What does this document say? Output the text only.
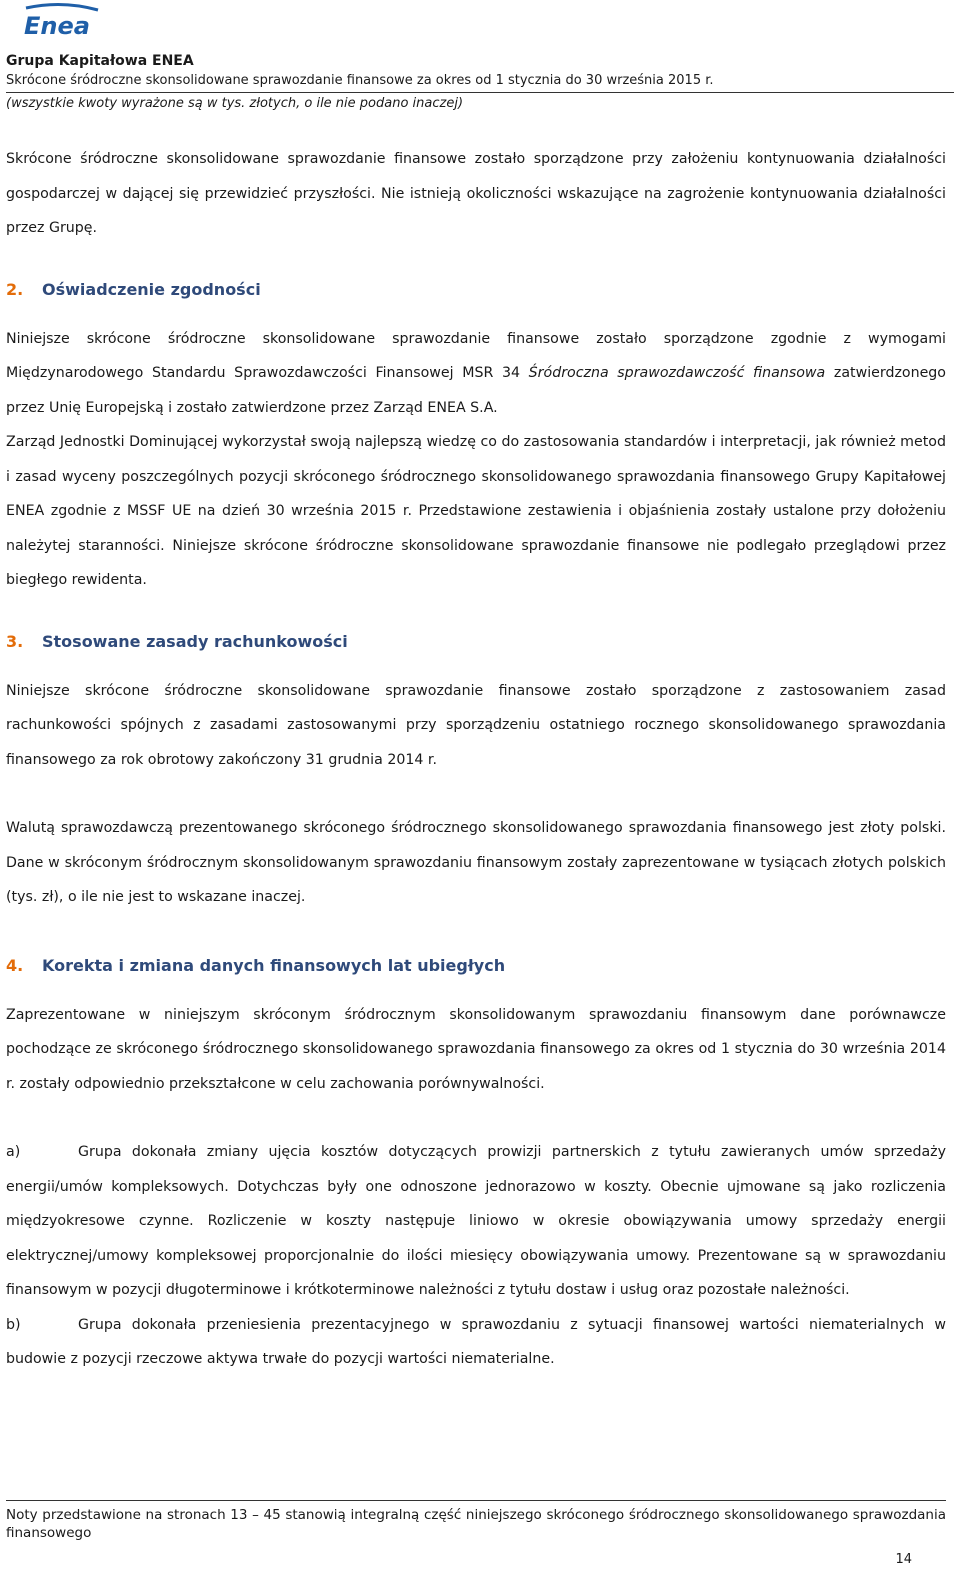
Enea
Grupa Kapitałowa ENEA
Skrócone śródroczne skonsolidowane sprawozdanie finansowe za okres od 1 stycznia do 30 września 2015 r.
(wszystkie kwoty wyrażone są w tys. złotych, o ile nie podano inaczej)

Skrócone śródroczne skonsolidowane sprawozdanie finansowe zostało sporządzone przy założeniu kontynuowania działalności gospodarczej w dającej się przewidzieć przyszłości. Nie istnieją okoliczności wskazujące na zagrożenie kontynuowania działalności przez Grupę.

2. Oświadczenie zgodności

Niniejsze skrócone śródroczne skonsolidowane sprawozdanie finansowe zostało sporządzone zgodnie z wymogami Międzynarodowego Standardu Sprawozdawczości Finansowej MSR 34 Śródroczna sprawozdawczość finansowa zatwierdzonego przez Unię Europejską i zostało zatwierdzone przez Zarząd ENEA S.A.

Zarząd Jednostki Dominującej wykorzystał swoją najlepszą wiedzę co do zastosowania standardów i interpretacji, jak również metod i zasad wyceny poszczególnych pozycji skróconego śródrocznego skonsolidowanego sprawozdania finansowego Grupy Kapitałowej ENEA zgodnie z MSSF UE na dzień 30 września 2015 r. Przedstawione zestawienia i objaśnienia zostały ustalone przy dołożeniu należytej staranności. Niniejsze skrócone śródroczne skonsolidowane sprawozdanie finansowe nie podlegało przeglądowi przez biegłego rewidenta.

3. Stosowane zasady rachunkowości

Niniejsze skrócone śródroczne skonsolidowane sprawozdanie finansowe zostało sporządzone z zastosowaniem zasad rachunkowości spójnych z zasadami zastosowanymi przy sporządzeniu ostatniego rocznego skonsolidowanego sprawozdania finansowego za rok obrotowy zakończony 31 grudnia 2014 r.

Walutą sprawozdawczą prezentowanego skróconego śródrocznego skonsolidowanego sprawozdania finansowego jest złoty polski. Dane w skróconym śródrocznym skonsolidowanym sprawozdaniu finansowym zostały zaprezentowane w tysiącach złotych polskich (tys. zł), o ile nie jest to wskazane inaczej.

4. Korekta i zmiana danych finansowych lat ubiegłych

Zaprezentowane w niniejszym skróconym śródrocznym skonsolidowanym sprawozdaniu finansowym dane porównawcze pochodzące ze skróconego śródrocznego skonsolidowanego sprawozdania finansowego za okres od 1 stycznia do 30 września 2014 r. zostały odpowiednio przekształcone w celu zachowania porównywalności.

a)	Grupa dokonała zmiany ujęcia kosztów dotyczących prowizji partnerskich z tytułu zawieranych umów sprzedaży energii/umów kompleksowych. Dotychczas były one odnoszone jednorazowo w koszty. Obecnie ujmowane są jako rozliczenia międzyokresowe czynne. Rozliczenie w koszty następuje liniowo w okresie obowiązywania umowy sprzedaży energii elektrycznej/umowy kompleksowej proporcjonalnie do ilości miesięcy obowiązywania umowy. Prezentowane są w sprawozdaniu finansowym w pozycji długoterminowe i krótkoterminowe należności z tytułu dostaw i usług oraz pozostałe należności.

b)	Grupa dokonała przeniesienia prezentacyjnego w sprawozdaniu z sytuacji finansowej wartości niematerialnych w budowie z pozycji rzeczowe aktywa trwałe do pozycji wartości niematerialne.

Noty przedstawione na stronach 13 – 45 stanowią integralną część niniejszego skróconego śródrocznego skonsolidowanego sprawozdania finansowego
14
